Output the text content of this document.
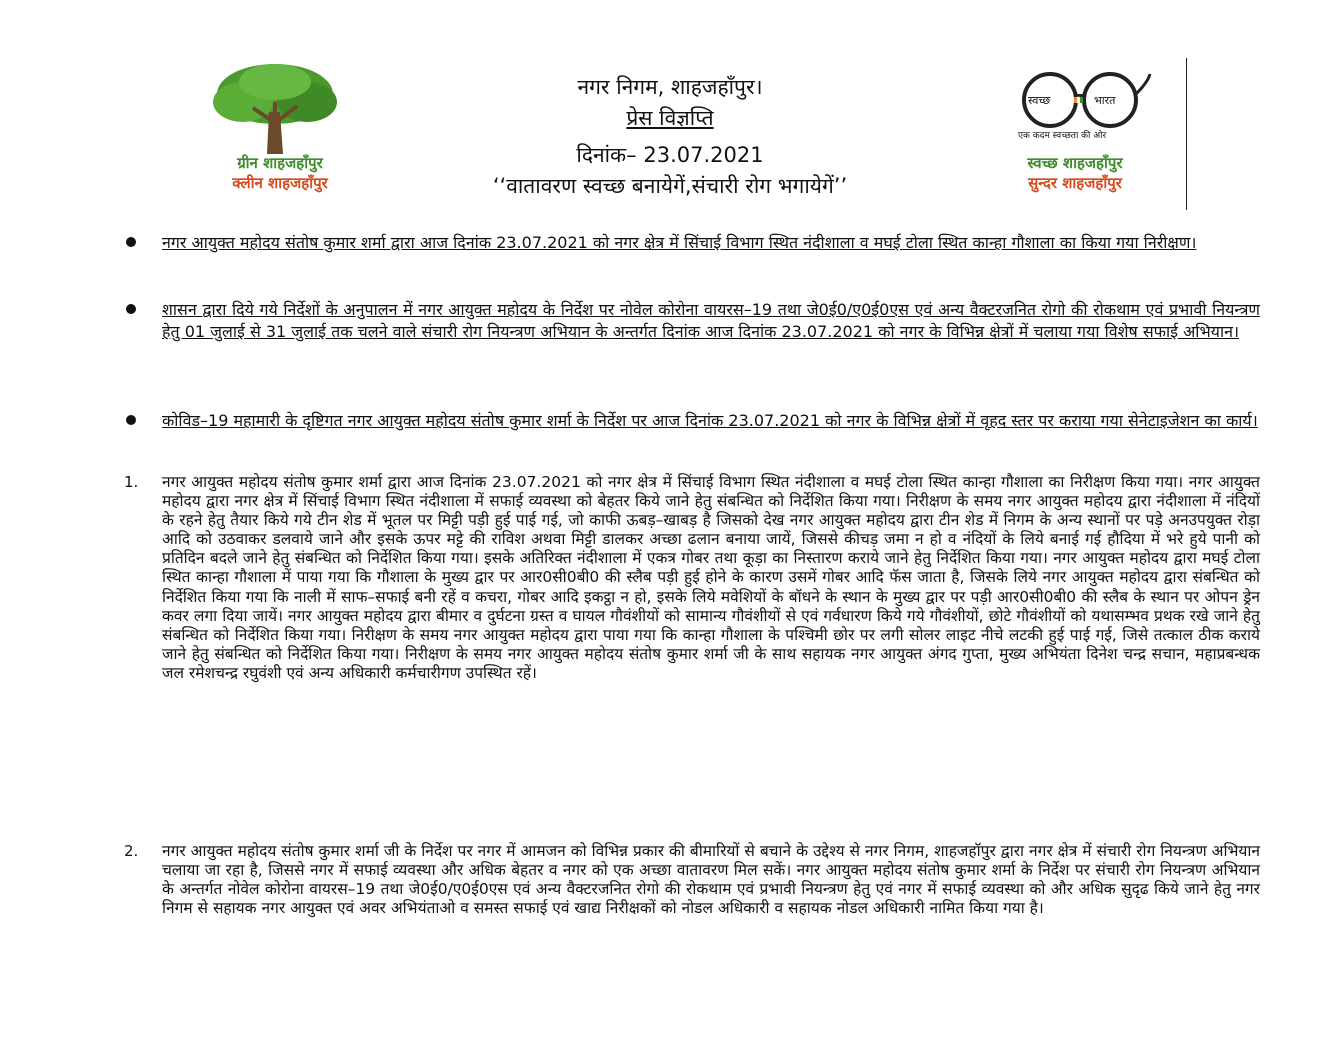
ग्रीन शाहजहाँपुर
क्लीन शाहजहाँपुर
नगर निगम, शाहजहाँपुर।
प्रेस विज्ञप्ति
दिनांक– 23.07.2021
‘‘वातावरण स्वच्छ बनायेगें,संचारी रोग भगायेगें’’
स्वच्छ	भारत
एक कदम स्वच्छता की ओर
स्वच्छ शाहजहाँपुर
सुन्दर शाहजहाँपुर
नगर आयुक्त महोदय संतोष कुमार शर्मा द्वारा आज दिनांक 23.07.2021 को नगर क्षेत्र में सिंचाई विभाग स्थित नंदीशाला व मघई टोला स्थित कान्हा गौशाला का किया गया निरीक्षण।
शासन द्वारा दिये गये निर्देशों के अनुपालन में नगर आयुक्त महोदय के निर्देश पर नोवेल कोरोना वायरस–19 तथा जे0ई0/ए0ई0एस एवं अन्य वैक्टरजनित रोगो की रोकथाम एवं प्रभावी नियन्त्रण हेतु 01 जुलाई से 31 जुलाई तक चलने वाले संचारी रोग नियन्त्रण अभियान के अन्तर्गत दिनांक आज दिनांक 23.07.2021 को नगर के विभिन्न क्षेत्रों में चलाया गया विशेष सफाई अभियान।
कोविड–19 महामारी के दृष्टिगत नगर आयुक्त महोदय संतोष कुमार शर्मा के निर्देश पर आज दिनांक 23.07.2021 को नगर के विभिन्न क्षेत्रों में वृहद स्तर पर कराया गया सेनेटाइजेशन का कार्य।
1. नगर आयुक्त महोदय संतोष कुमार शर्मा द्वारा आज दिनांक 23.07.2021 को नगर क्षेत्र में सिंचाई विभाग स्थित नंदीशाला व मघई टोला स्थित कान्हा गौशाला का निरीक्षण किया गया। नगर आयुक्त महोदय द्वारा नगर क्षेत्र में सिंचाई विभाग स्थित नंदीशाला में सफाई व्यवस्था को बेहतर किये जाने हेतु संबन्धित को निर्देशित किया गया। निरीक्षण के समय नगर आयुक्त महोदय द्वारा नंदीशाला में नंदियों के रहने हेतु तैयार किये गये टीन शेड में भूतल पर मिट्टी पड़ी हुई पाई गई, जो काफी ऊबड़–खाबड़ है जिसको देख नगर आयुक्त महोदय द्वारा टीन शेड में निगम के अन्य स्थानों पर पड़े अनउपयुक्त रोड़ा आदि को उठवाकर डलवाये जाने और इसके ऊपर मट्टे की राविश अथवा मिट्टी डालकर अच्छा ढलान बनाया जायें, जिससे कीचड़ जमा न हो व नंदियों के लिये बनाई गई हौदिया में भरे हुये पानी को प्रतिदिन बदले जाने हेतु संबन्धित को निर्देशित किया गया। इसके अतिरिक्त नंदीशाला में एकत्र गोबर तथा कूड़ा का निस्तारण कराये जाने हेतु निर्देशित किया गया। नगर आयुक्त महोदय द्वारा मघई टोला स्थित कान्हा गौशाला में पाया गया कि गौशाला के मुख्य द्वार पर आर0सी0बी0 की स्लैब पड़ी हुई होने के कारण उसमें गोबर आदि फॅस जाता है, जिसके लिये नगर आयुक्त महोदय द्वारा संबन्धित को निर्देशित किया गया कि नाली में साफ–सफाई बनी रहें व कचरा, गोबर आदि इकट्ठा न हो, इसके लिये मवेशियों के बॉधने के स्थान के मुख्य द्वार पर पड़ी आर0सी0बी0 की स्लैब के स्थान पर ओपन ड्रेन कवर लगा दिया जायें। नगर आयुक्त महोदय द्वारा बीमार व दुर्घटना ग्रस्त व घायल गौवंशीयों को सामान्य गौवंशीयों से एवं गर्वधारण किये गये गौवंशीयों, छोटे गौवंशीयों को यथासम्भव प्रथक रखे जाने हेतु संबन्धित को निर्देशित किया गया। निरीक्षण के समय नगर आयुक्त महोदय द्वारा पाया गया कि कान्हा गौशाला के पश्चिमी छोर पर लगी सोलर लाइट नीचे लटकी हुई पाई गई, जिसे तत्काल ठीक कराये जाने हेतु संबन्धित को निर्देशित किया गया। निरीक्षण के समय नगर आयुक्त महोदय संतोष कुमार शर्मा जी के साथ सहायक नगर आयुक्त अंगद गुप्ता, मुख्य अभियंता दिनेश चन्द्र सचान, महाप्रबन्धक जल रमेशचन्द्र रघुवंशी एवं अन्य अधिकारी कर्मचारीगण उपस्थित रहें।
2. नगर आयुक्त महोदय संतोष कुमार शर्मा जी के निर्देश पर नगर में आमजन को विभिन्न प्रकार की बीमारियों से बचाने के उद्देश्य से नगर निगम, शाहजहॉपुर द्वारा नगर क्षेत्र में संचारी रोग नियन्त्रण अभियान चलाया जा रहा है, जिससे नगर में सफाई व्यवस्था और अधिक बेहतर व नगर को एक अच्छा वातावरण मिल सकें। नगर आयुक्त महोदय संतोष कुमार शर्मा के निर्देश पर संचारी रोग नियन्त्रण अभियान के अन्तर्गत नोवेल कोरोना वायरस–19 तथा जे0ई0/ए0ई0एस एवं अन्य वैक्टरजनित रोगो की रोकथाम एवं प्रभावी नियन्त्रण हेतु एवं नगर में सफाई व्यवस्था को और अधिक सुदृढ किये जाने हेतु नगर निगम से सहायक नगर आयुक्त एवं अवर अभियंताओ व समस्त सफाई एवं खाद्य निरीक्षकों को नोडल अधिकारी व सहायक नोडल अधिकारी नामित किया गया है।
